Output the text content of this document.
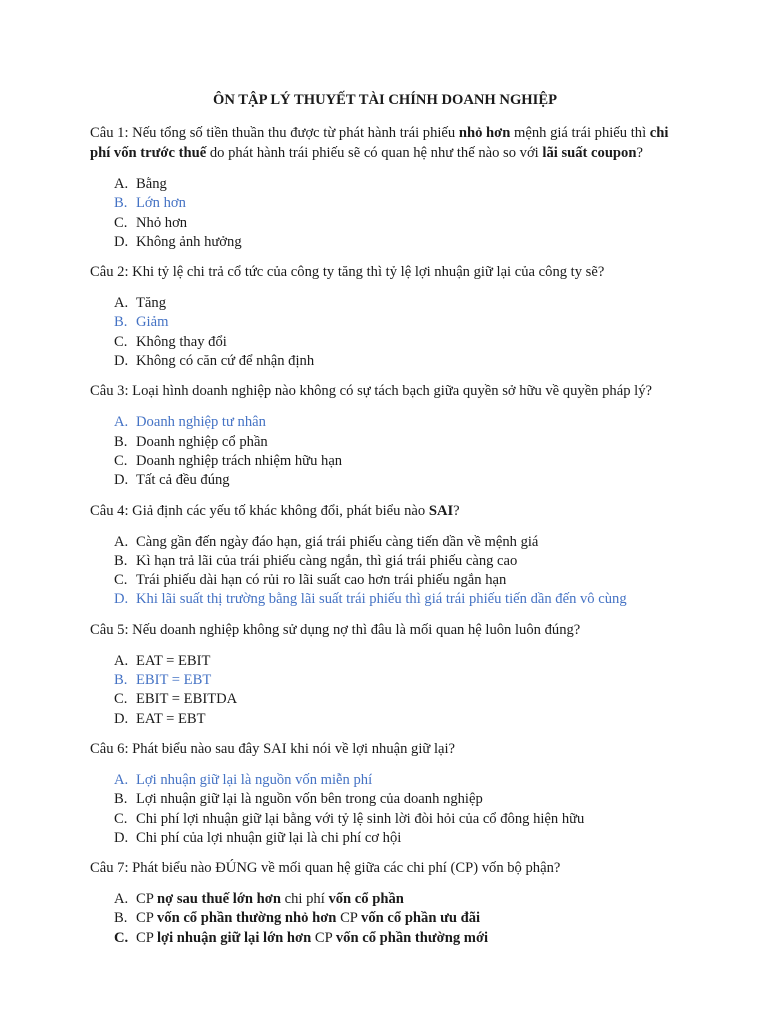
ÔN TẬP LÝ THUYẾT TÀI CHÍNH DOANH NGHIỆP
Câu 1: Nếu tổng số tiền thuần thu được từ phát hành trái phiếu nhỏ hơn mệnh giá trái phiếu thì chi phí vốn trước thuế do phát hành trái phiếu sẽ có quan hệ như thế nào so với lãi suất coupon?
A. Bằng
B. Lớn hơn
C. Nhỏ hơn
D. Không ảnh hưởng
Câu 2: Khi tỷ lệ chi trả cổ tức của công ty tăng thì tỷ lệ lợi nhuận giữ lại của công ty sẽ?
A. Tăng
B. Giảm
C. Không thay đổi
D. Không có căn cứ để nhận định
Câu 3: Loại hình doanh nghiệp nào không có sự tách bạch giữa quyền sở hữu về quyền pháp lý?
A. Doanh nghiệp tư nhân
B. Doanh nghiệp cổ phần
C. Doanh nghiệp trách nhiệm hữu hạn
D. Tất cả đều đúng
Câu 4: Giả định các yếu tố khác không đổi, phát biểu nào SAI?
A. Càng gần đến ngày đáo hạn, giá trái phiếu càng tiến dần về mệnh giá
B. Kì hạn trả lãi của trái phiếu càng ngắn, thì giá trái phiếu càng cao
C. Trái phiếu dài hạn có rủi ro lãi suất cao hơn trái phiếu ngắn hạn
D. Khi lãi suất thị trường bằng lãi suất trái phiếu thì giá trái phiếu tiến dần đến vô cùng
Câu 5: Nếu doanh nghiệp không sử dụng nợ thì đâu là mối quan hệ luôn luôn đúng?
A. EAT = EBIT
B. EBIT = EBT
C. EBIT = EBITDA
D. EAT = EBT
Câu 6: Phát biểu nào sau đây SAI khi nói về lợi nhuận giữ lại?
A. Lợi nhuận giữ lại là nguồn vốn miễn phí
B. Lợi nhuận giữ lại là nguồn vốn bên trong của doanh nghiệp
C. Chi phí lợi nhuận giữ lại bằng với tỷ lệ sinh lời đòi hỏi của cổ đông hiện hữu
D. Chi phí của lợi nhuận giữ lại là chi phí cơ hội
Câu 7: Phát biểu nào ĐÚNG về mối quan hệ giữa các chi phí (CP) vốn bộ phận?
A. CP nợ sau thuế lớn hơn chi phí vốn cổ phần
B. CP vốn cổ phần thường nhỏ hơn CP vốn cổ phần ưu đãi
C. CP lợi nhuận giữ lại lớn hơn CP vốn cổ phần thường mới
